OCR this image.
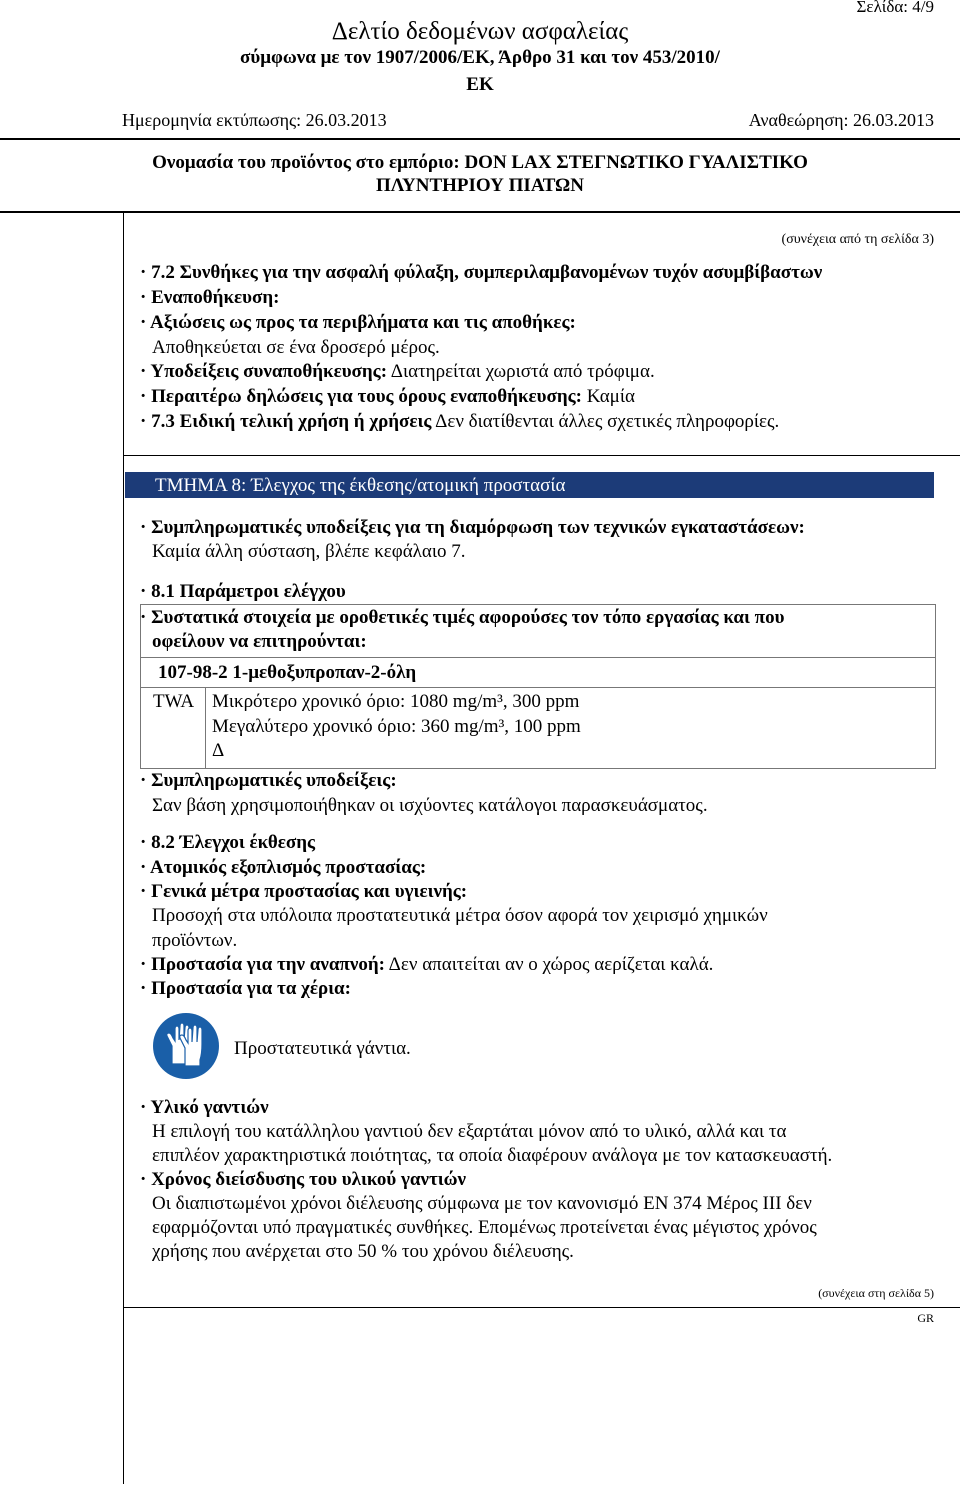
Σελίδα: 4/9
Δελτίο δεδομένων ασφαλείας
σύμφωνα με τον 1907/2006/ΕΚ, Άρθρο 31 και τον 453/2010/
ΕΚ
Ημερομηνία εκτύπωσης: 26.03.2013	Αναθεώρηση: 26.03.2013
Ονομασία του προϊόντος στο εμπόριο: DON LAX ΣΤΕΓΝΩΤΙΚΟ ΓΥΑΛΙΣΤΙΚΟ
ΠΛΥΝΤΗΡΙΟΥ ΠΙΑΤΩΝ
(συνέχεια από τη σελίδα 3)
· 7.2 Συνθήκες για την ασφαλή φύλαξη, συμπεριλαμβανομένων τυχόν ασυμβίβαστων
· Εναποθήκευση:
· Αξιώσεις ως προς τα περιβλήματα και τις αποθήκες:
Αποθηκεύεται σε ένα δροσερό μέρος.
· Υποδείξεις συναποθήκευσης: Διατηρείται χωριστά από τρόφιμα.
· Περαιτέρω δηλώσεις για τους όρους εναποθήκευσης: Καμία
· 7.3 Ειδική τελική χρήση ή χρήσεις Δεν διατίθενται άλλες σχετικές πληροφορίες.
ΤΜΗΜΑ 8: Έλεγχος της έκθεσης/ατομική προστασία
· Συμπληρωματικές υποδείξεις για τη διαμόρφωση των τεχνικών εγκαταστάσεων:
Καμία άλλη σύσταση, βλέπε κεφάλαιο 7.
· 8.1 Παράμετροι ελέγχου
· Συστατικά στοιχεία με οροθετικές τιμές αφορούσες τον τόπο εργασίας και που
οφείλουν να επιτηρούνται:
107-98-2 1-μεθοξυπροπαν-2-όλη
TWA Μικρότερο χρονικό όριο: 1080 mg/m³, 300 ppm
Μεγαλύτερο χρονικό όριο: 360 mg/m³, 100 ppm
Δ
· Συμπληρωματικές υποδείξεις:
Σαν βάση χρησιμοποιήθηκαν οι ισχύοντες κατάλογοι παρασκευάσματος.
· 8.2 Έλεγχοι έκθεσης
· Ατομικός εξοπλισμός προστασίας:
· Γενικά μέτρα προστασίας και υγιεινής:
Προσοχή στα υπόλοιπα προστατευτικά μέτρα όσον αφορά τον χειρισμό χημικών
προϊόντων.
· Προστασία για την αναπνοή: Δεν απαιτείται αν ο χώρος αερίζεται καλά.
· Προστασία για τα χέρια:
Προστατευτικά γάντια.
· Υλικό γαντιών
Η επιλογή του κατάλληλου γαντιού δεν εξαρτάται μόνον από το υλικό, αλλά και τα
επιπλέον χαρακτηριστικά ποιότητας, τα οποία διαφέρουν ανάλογα με τον κατασκευαστή.
· Χρόνος διείσδυσης του υλικού γαντιών
Οι διαπιστωμένοι χρόνοι διέλευσης σύμφωνα με τον κανονισμό EN 374 Μέρος III δεν
εφαρμόζονται υπό πραγματικές συνθήκες. Επομένως προτείνεται ένας μέγιστος χρόνος
χρήσης που ανέρχεται στο 50 % του χρόνου διέλευσης.
(συνέχεια στη σελίδα 5)
GR
